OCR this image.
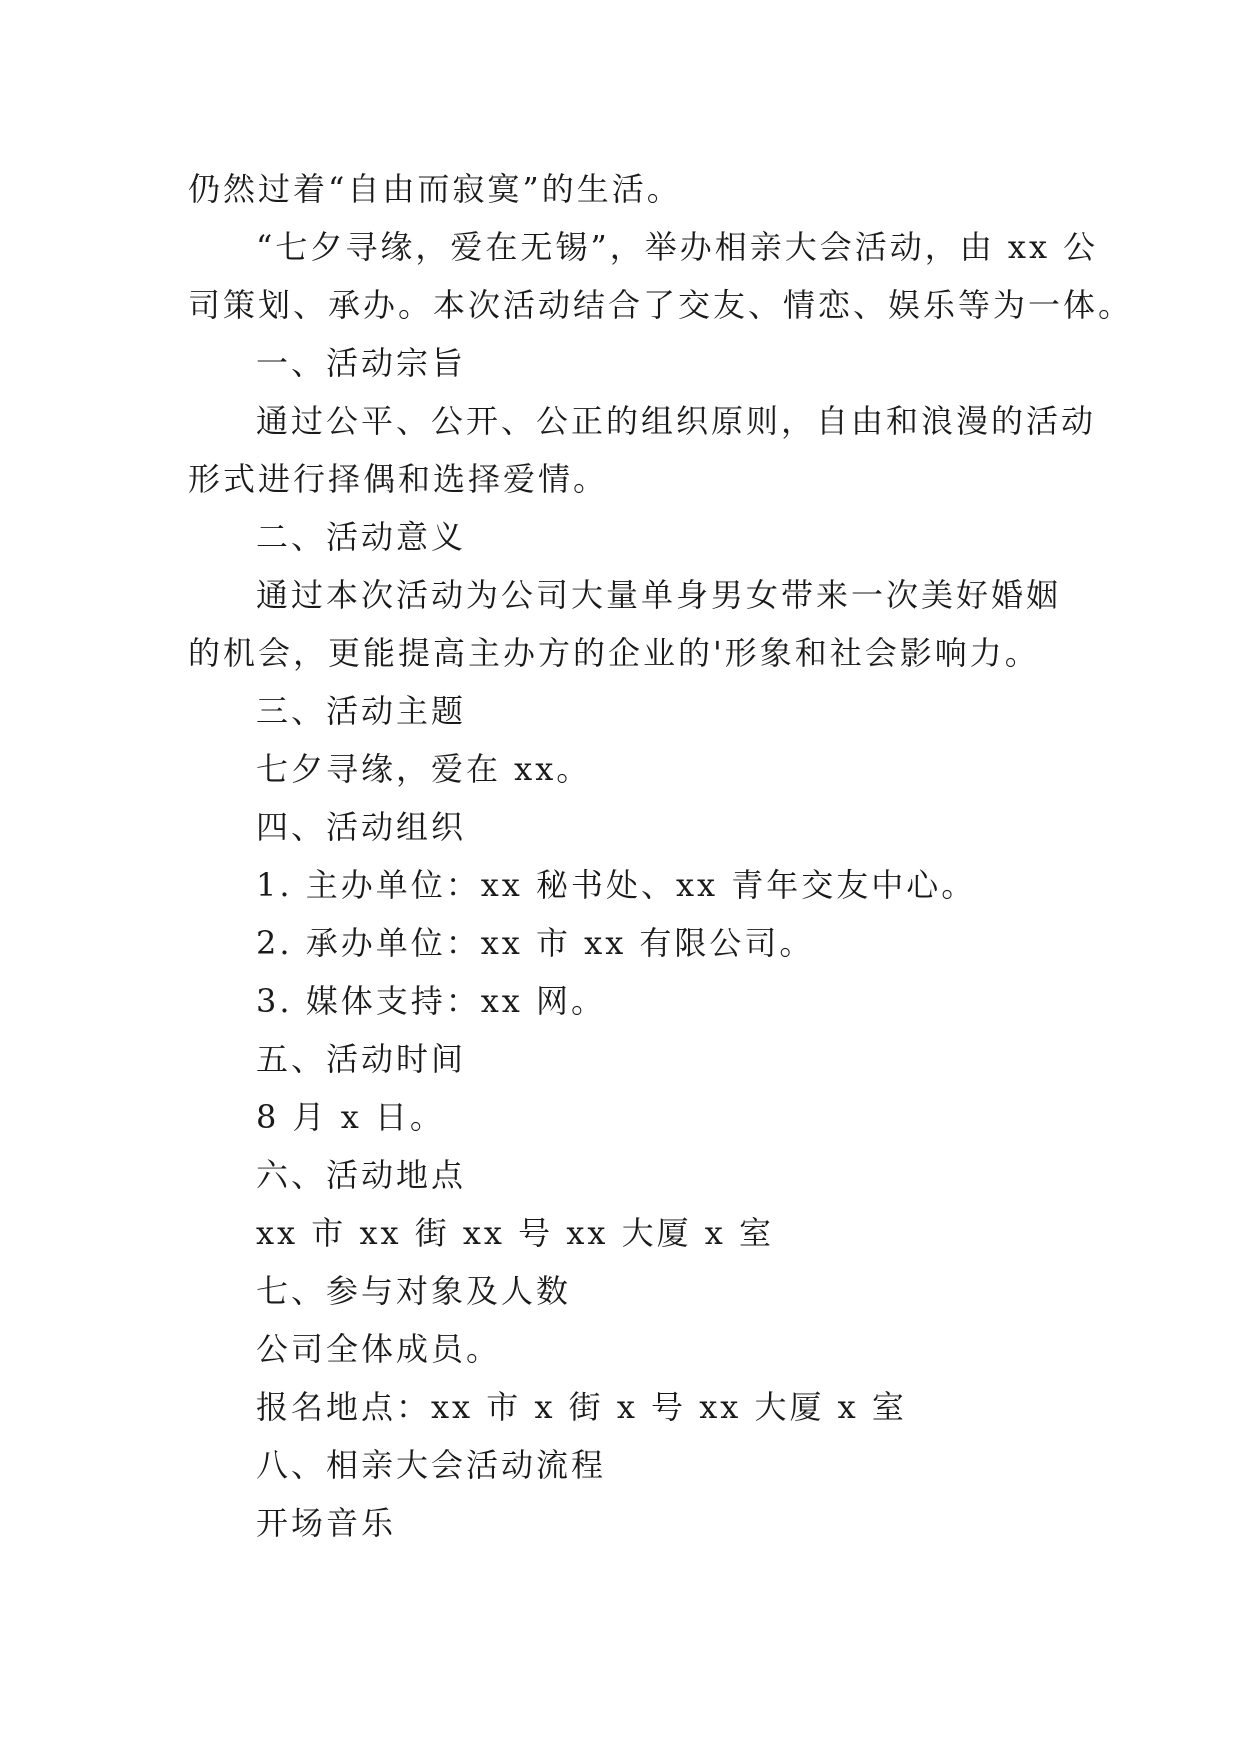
仍然过着“自由而寂寞”的生活。
“七夕寻缘，爱在无锡”，举办相亲大会活动，由 xx 公
司策划、承办。本次活动结合了交友、情恋、娱乐等为一体。
一、活动宗旨
通过公平、公开、公正的组织原则，自由和浪漫的活动
形式进行择偶和选择爱情。
二、活动意义
通过本次活动为公司大量单身男女带来一次美好婚姻
的机会，更能提高主办方的企业的'形象和社会影响力。
三、活动主题
七夕寻缘，爱在 xx。
四、活动组织
1. 主办单位：xx 秘书处、xx 青年交友中心。
2. 承办单位：xx 市 xx 有限公司。
3. 媒体支持：xx 网。
五、活动时间
8 月 x 日。
六、活动地点
xx 市 xx 街 xx 号 xx 大厦 x 室
七、参与对象及人数
公司全体成员。
报名地点：xx 市 x 街 x 号 xx 大厦 x 室
八、相亲大会活动流程
开场音乐
